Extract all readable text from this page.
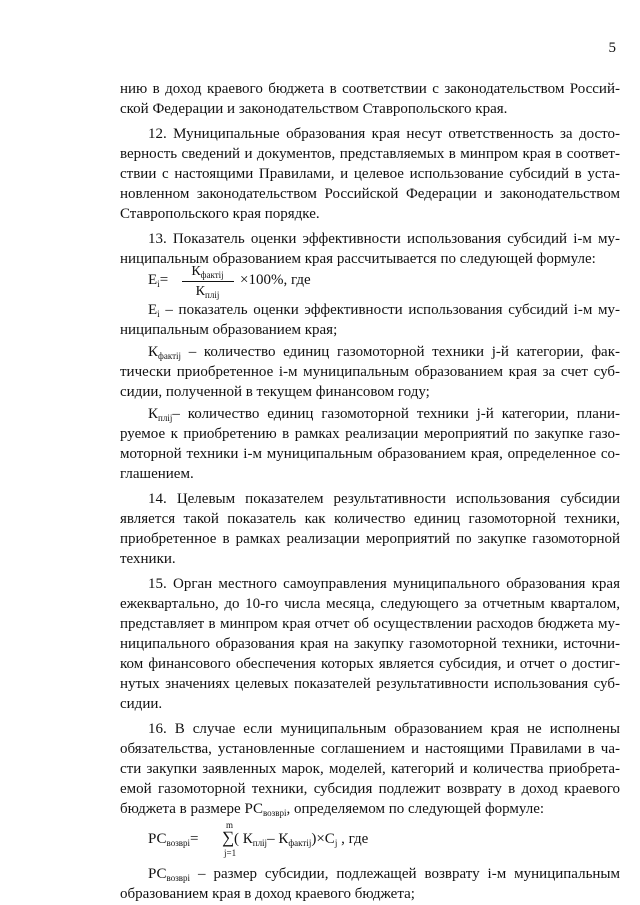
5
нию в доход краевого бюджета в соответствии с законодательством Россий-
ской Федерации и законодательством Ставропольского края.
12. Муниципальные образования края несут ответственность за досто-
верность сведений и документов, представляемых в минпром края в соответ-
ствии с настоящими Правилами, и целевое использование субсидий в уста-
новленном законодательством Российской Федерации и законодательством
Ставропольского края порядке.
13. Показатель оценки эффективности использования субсидий i-м му-
ниципальным образованием края рассчитывается по следующей формуле:
$E_i=$
$К_{фактij}$
$К_{плij}$
×100%, где
$E_i$ – показатель оценки эффективности использования субсидий i-м му-
ниципальным образованием края;
$К_{фактij}$ – количество единиц газомоторной техники j-й категории, фак-
тически приобретенное i-м муниципальным образованием края за счет суб-
сидии, полученной в текущем финансовом году;
$К_{плij}-$ количество единиц газомоторной техники j-й категории, плани-
руемое к приобретению в рамках реализации мероприятий по закупке газо-
моторной техники i-м муниципальным образованием края, определенное со-
глашением.
14. Целевым показателем результативности использования субсидии
является такой показатель как количество единиц газомоторной техники,
приобретенное в рамках реализации мероприятий по закупке газомоторной
техники.
15. Орган местного самоуправления муниципального образования края
ежеквартально, до 10-го числа месяца, следующего за отчетным кварталом,
представляет в минпром края отчет об осуществлении расходов бюджета му-
ниципального образования края на закупку газомоторной техники, источни-
ком финансового обеспечения которых является субсидия, и отчет о достиг-
нутых значениях целевых показателей результативности использования суб-
сидии.
16. В случае если муниципальным образованием края не исполнены
обязательства, установленные соглашением и настоящими Правилами в ча-
сти закупки заявленных марок, моделей, категорий и количества приобрета-
емой газомоторной техники, субсидия подлежит возврату в доход краевого
бюджета в размере $РС_{возврi}$, определяемом по следующей формуле:
$РС_{возврi}=$
m
∑
j=1
( $К_{плij}-$ $К_{фактij})\times C_j$ , где
$РС_{возврi}$ – размер субсидии, подлежащей возврату i-м муниципальным
образованием края в доход краевого бюджета;
